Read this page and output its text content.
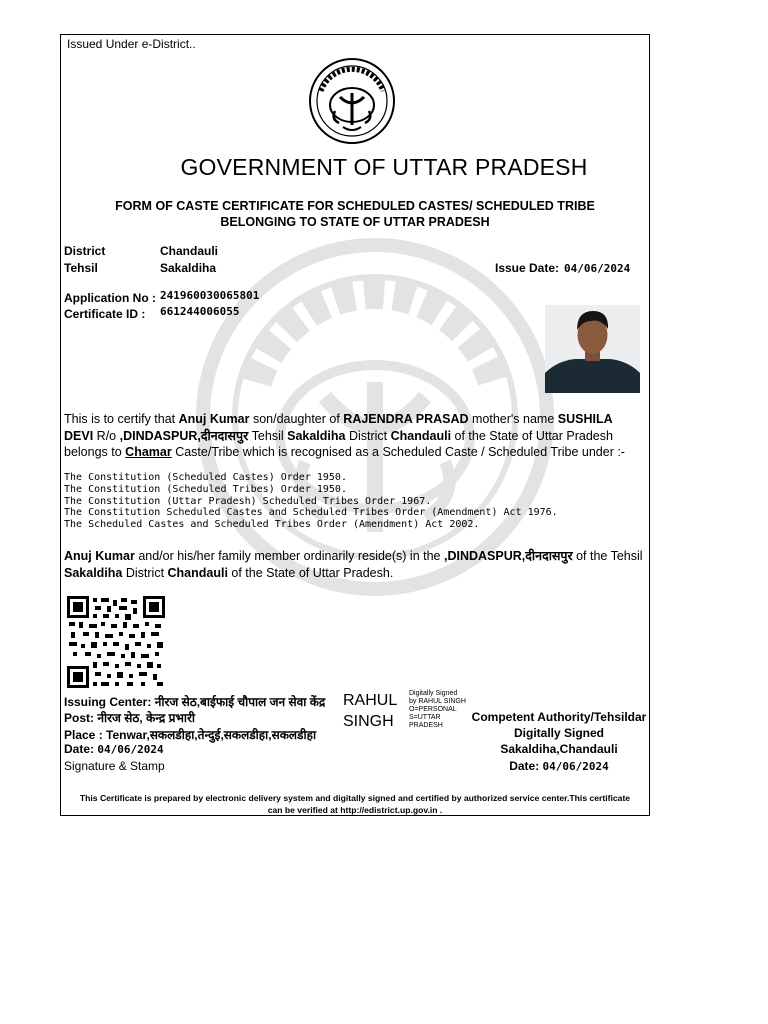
Issued Under e-District..
GOVERNMENT OF UTTAR PRADESH
FORM OF CASTE CERTIFICATE FOR SCHEDULED CASTES/ SCHEDULED TRIBE
BELONGING TO STATE OF UTTAR PRADESH
District	Chandauli
Tehsil	Sakaldiha	Issue Date: 04/06/2024
Application No : 241960030065801
Certificate ID : 661244006055
This is to certify that Anuj Kumar son/daughter of RAJENDRA PRASAD mother's name SUSHILA DEVI R/o ,DINDASPUR,दीनदासपुर Tehsil Sakaldiha District Chandauli of the State of Uttar Pradesh belongs to Chamar Caste/Tribe which is recognised as a Scheduled Caste / Scheduled Tribe under :-
The Constitution (Scheduled Castes) Order 1950.
The Constitution (Scheduled Tribes) Order 1950.
The Constitution (Uttar Pradesh) Scheduled Tribes Order 1967.
The Constitution Scheduled Castes and Scheduled Tribes Order (Amendment) Act 1976.
The Scheduled Castes and Scheduled Tribes Order (Amendment) Act 2002.
Anuj Kumar and/or his/her family member ordinarily reside(s) in the ,DINDASPUR,दीनदासपुर of the Tehsil Sakaldiha District Chandauli of the State of Uttar Pradesh.
Issuing Center: नीरज सेठ,बाईफाई चौपाल जन सेवा केंद्र
Post: नीरज सेठ, केन्द्र प्रभारी
Place : Tenwar,सकलडीहा,तेन्दुई,सकलडीहा,सकलडीहा
Date: 04/06/2024
Signature & Stamp
RAHUL
SINGH
Digitally Signed
by RAHUL SINGH
O=PERSONAL
S=UTTAR
PRADESH
Competent Authority/Tehsildar
Digitally Signed
Sakaldiha,Chandauli
Date: 04/06/2024
This Certificate is prepared by electronic delivery system and digitally signed and certified by authorized service center.This certificate
can be verified at http://edistrict.up.gov.in .
